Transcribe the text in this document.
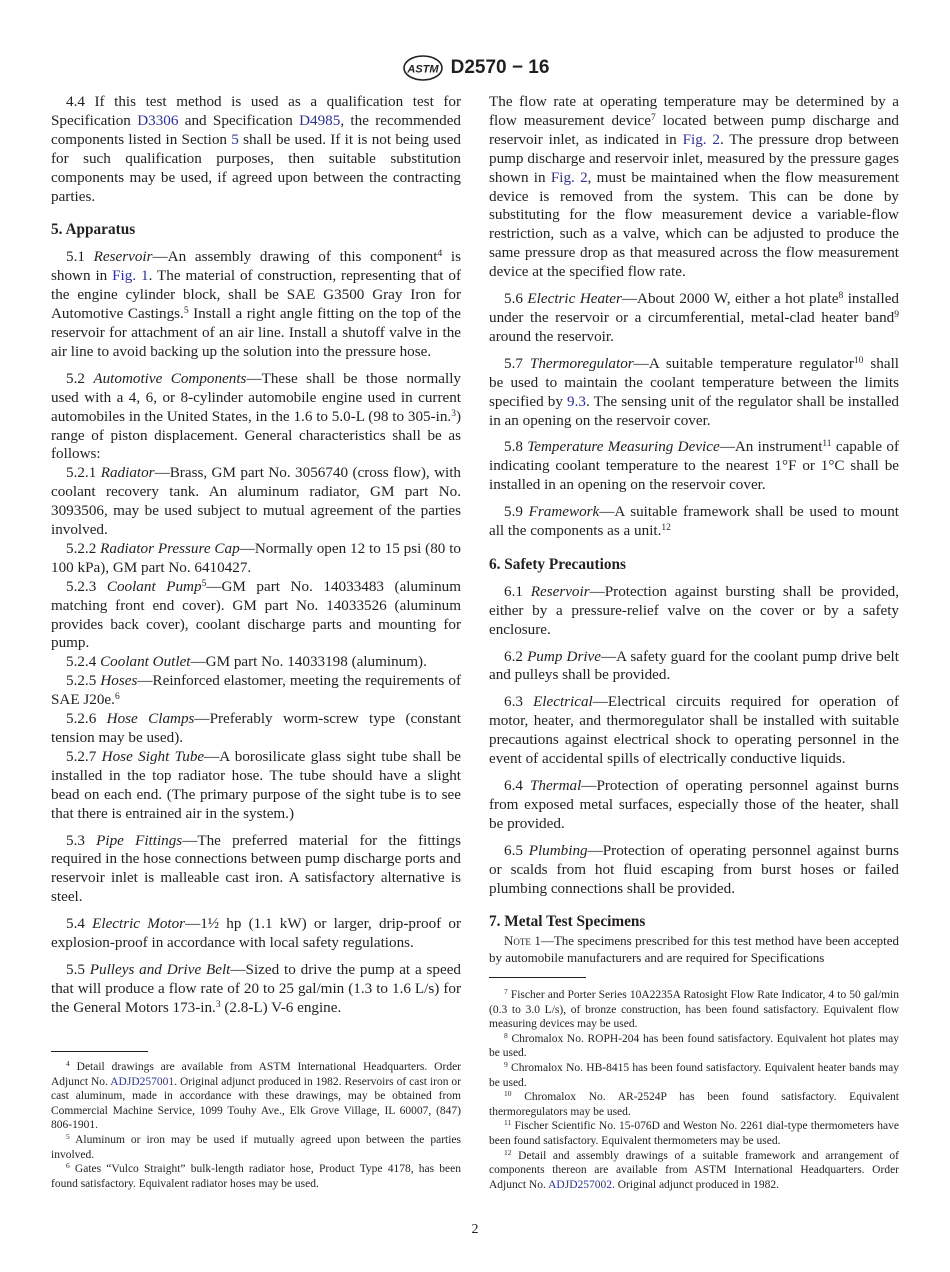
ASTM D2570 − 16

4.4 If this test method is used as a qualification test for Specification D3306 and Specification D4985, the recommended components listed in Section 5 shall be used. If it is not being used for such qualification purposes, then suitable substitution components may be used, if agreed upon between the contracting parties.

5. Apparatus

5.1 Reservoir—An assembly drawing of this component$^4$ is shown in Fig. 1. The material of construction, representing that of the engine cylinder block, shall be SAE G3500 Gray Iron for Automotive Castings.$^5$ Install a right angle fitting on the top of the reservoir for attachment of an air line. Install a shutoff valve in the air line to avoid backing up the solution into the pressure hose.

5.2 Automotive Components—These shall be those normally used with a 4, 6, or 8-cylinder automobile engine used in current automobiles in the United States, in the 1.6 to 5.0-L (98 to 305-in.$^3$) range of piston displacement. General characteristics shall be as follows:

5.2.1 Radiator—Brass, GM part No. 3056740 (cross flow), with coolant recovery tank. An aluminum radiator, GM part No. 3093506, may be used subject to mutual agreement of the parties involved.

5.2.2 Radiator Pressure Cap—Normally open 12 to 15 psi (80 to 100 kPa), GM part No. 6410427.

5.2.3 Coolant Pump$^5$—GM part No. 14033483 (aluminum matching front end cover). GM part No. 14033526 (aluminum provides back cover), coolant discharge parts and mounting for pump.

5.2.4 Coolant Outlet—GM part No. 14033198 (aluminum).

5.2.5 Hoses—Reinforced elastomer, meeting the requirements of SAE J20e.$^6$

5.2.6 Hose Clamps—Preferably worm-screw type (constant tension may be used).

5.2.7 Hose Sight Tube—A borosilicate glass sight tube shall be installed in the top radiator hose. The tube should have a slight bead on each end. (The primary purpose of the sight tube is to see that there is entrained air in the system.)

5.3 Pipe Fittings—The preferred material for the fittings required in the hose connections between pump discharge ports and reservoir inlet is malleable cast iron. A satisfactory alternative is steel.

5.4 Electric Motor—1½ hp (1.1 kW) or larger, drip-proof or explosion-proof in accordance with local safety regulations.

5.5 Pulleys and Drive Belt—Sized to drive the pump at a speed that will produce a flow rate of 20 to 25 gal/min (1.3 to 1.6 L/s) for the General Motors 173-in.$^3$ (2.8-L) V-6 engine.

$^4$ Detail drawings are available from ASTM International Headquarters. Order Adjunct No. ADJD257001. Original adjunct produced in 1982. Reservoirs of cast iron or cast aluminum, made in accordance with these drawings, may be obtained from Commercial Machine Service, 1099 Touhy Ave., Elk Grove Village, IL 60007, (847) 806-1901.

$^5$ Aluminum or iron may be used if mutually agreed upon between the parties involved.

$^6$ Gates “Vulco Straight” bulk-length radiator hose, Product Type 4178, has been found satisfactory. Equivalent radiator hoses may be used.

The flow rate at operating temperature may be determined by a flow measurement device$^7$ located between pump discharge and reservoir inlet, as indicated in Fig. 2. The pressure drop between pump discharge and reservoir inlet, measured by the pressure gages shown in Fig. 2, must be maintained when the flow measurement device is removed from the system. This can be done by substituting for the flow measurement device a variable-flow restriction, such as a valve, which can be adjusted to produce the same pressure drop as that measured across the flow measurement device at the specified flow rate.

5.6 Electric Heater—About 2000 W, either a hot plate$^8$ installed under the reservoir or a circumferential, metal-clad heater band$^9$ around the reservoir.

5.7 Thermoregulator—A suitable temperature regulator$^{10}$ shall be used to maintain the coolant temperature between the limits specified by 9.3. The sensing unit of the regulator shall be installed in an opening on the reservoir cover.

5.8 Temperature Measuring Device—An instrument$^{11}$ capable of indicating coolant temperature to the nearest 1°F or 1°C shall be installed in an opening on the reservoir cover.

5.9 Framework—A suitable framework shall be used to mount all the components as a unit.$^{12}$

6. Safety Precautions

6.1 Reservoir—Protection against bursting shall be provided, either by a pressure-relief valve on the cover or by a safety enclosure.

6.2 Pump Drive—A safety guard for the coolant pump drive belt and pulleys shall be provided.

6.3 Electrical—Electrical circuits required for operation of motor, heater, and thermoregulator shall be installed with suitable precautions against electrical shock to operating personnel in the event of accidental spills of electrically conductive liquids.

6.4 Thermal—Protection of operating personnel against burns from exposed metal surfaces, especially those of the heater, shall be provided.

6.5 Plumbing—Protection of operating personnel against burns or scalds from hot fluid escaping from burst hoses or failed plumbing connections shall be provided.

7. Metal Test Specimens

Note 1—The specimens prescribed for this test method have been accepted by automobile manufacturers and are required for Specifications

$^7$ Fischer and Porter Series 10A2235A Ratosight Flow Rate Indicator, 4 to 50 gal/min (0.3 to 3.0 L/s), of bronze construction, has been found satisfactory. Equivalent flow measuring devices may be used.

$^8$ Chromalox No. ROPH-204 has been found satisfactory. Equivalent hot plates may be used.

$^9$ Chromalox No. HB-8415 has been found satisfactory. Equivalent heater bands may be used.

$^{10}$ Chromalox No. AR-2524P has been found satisfactory. Equivalent thermoregulators may be used.

$^{11}$ Fischer Scientific No. 15-076D and Weston No. 2261 dial-type thermometers have been found satisfactory. Equivalent thermometers may be used.

$^{12}$ Detail and assembly drawings of a suitable framework and arrangement of components thereon are available from ASTM International Headquarters. Order Adjunct No. ADJD257002. Original adjunct produced in 1982.

2
